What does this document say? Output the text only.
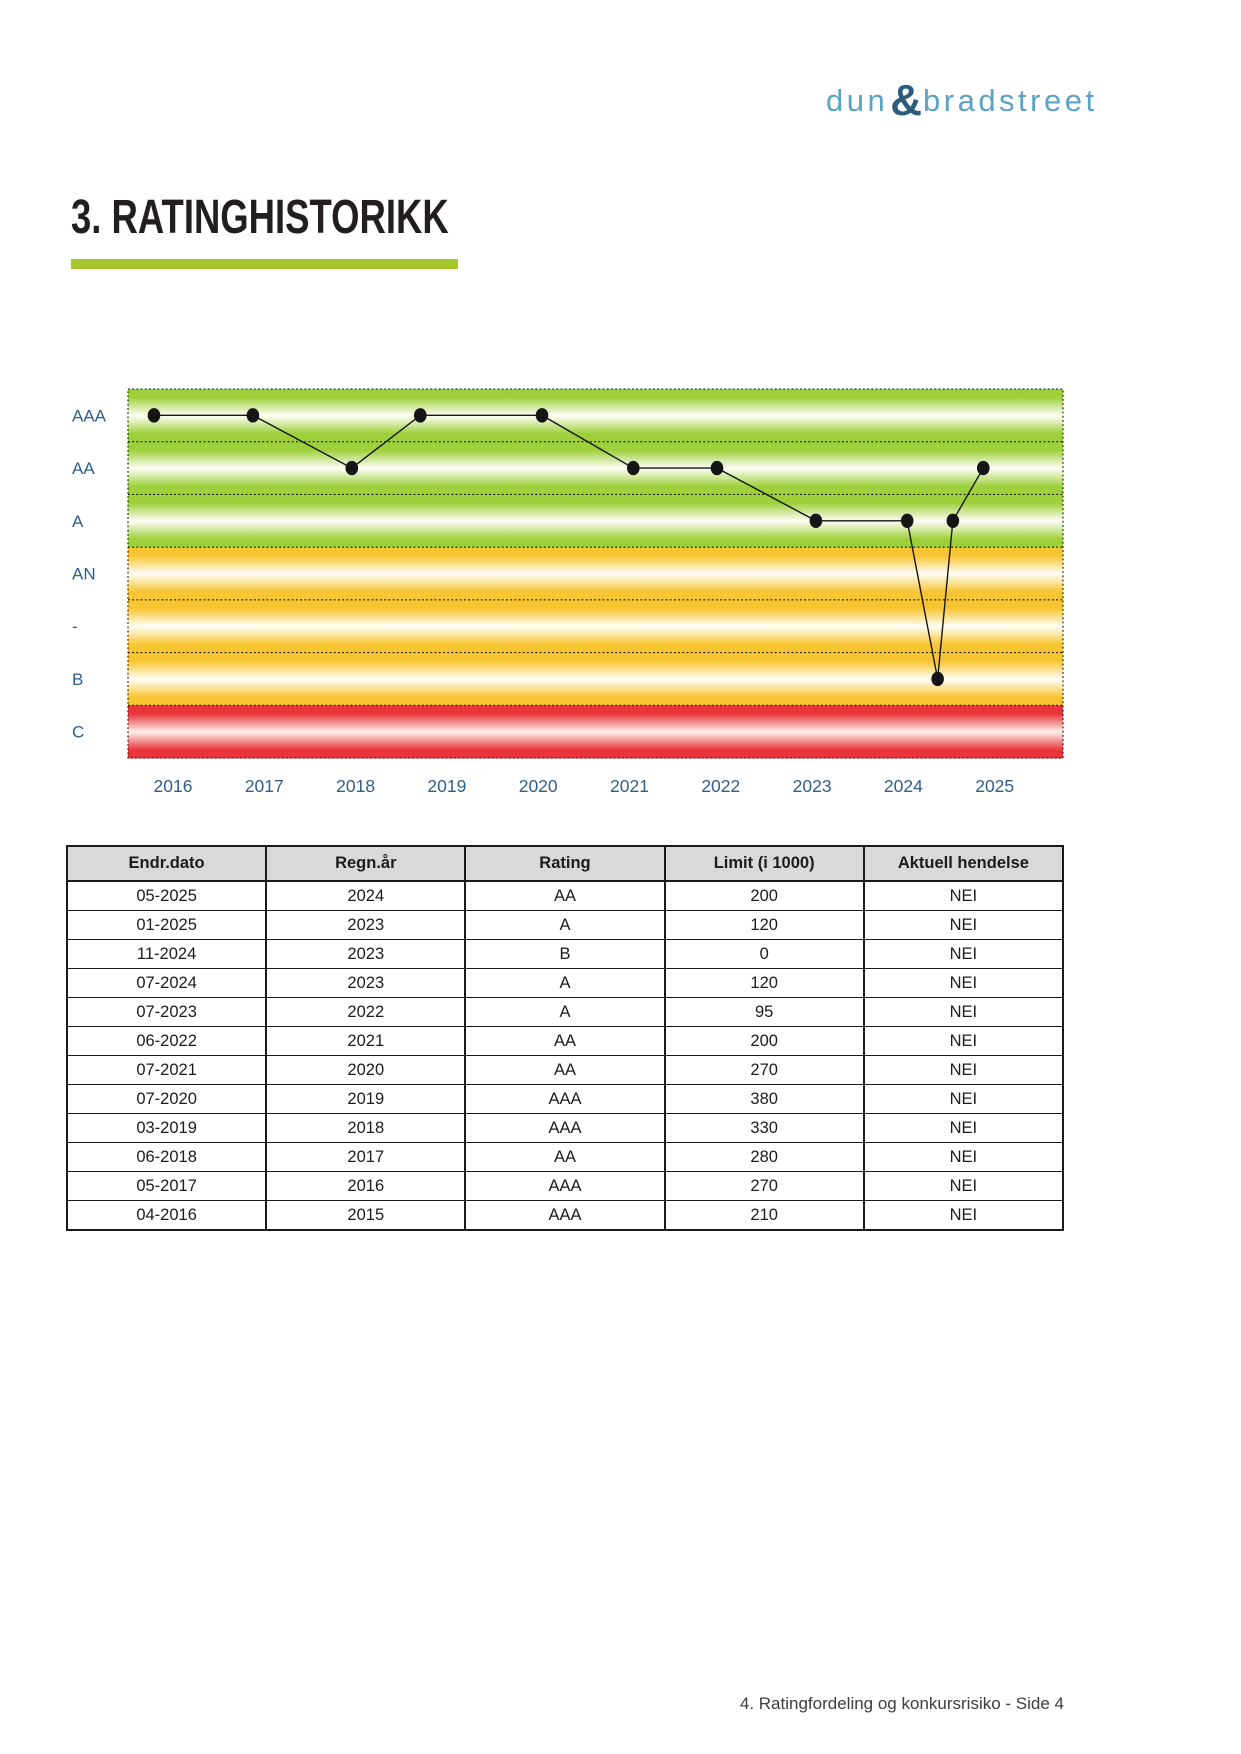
dun&bradstreet
3. RATINGHISTORIKK
AAA
AA
A
AN
-
B
C
2016	2017	2018	2019	2020	2021	2022	2023	2024	2025
Endr.dato	Regn.år	Rating	Limit (i 1000)	Aktuell hendelse
05-2025	2024	AA	200	NEI
01-2025	2023	A	120	NEI
11-2024	2023	B	0	NEI
07-2024	2023	A	120	NEI
07-2023	2022	A	95	NEI
06-2022	2021	AA	200	NEI
07-2021	2020	AA	270	NEI
07-2020	2019	AAA	380	NEI
03-2019	2018	AAA	330	NEI
06-2018	2017	AA	280	NEI
05-2017	2016	AAA	270	NEI
04-2016	2015	AAA	210	NEI
4. Ratingfordeling og konkursrisiko - Side 4
